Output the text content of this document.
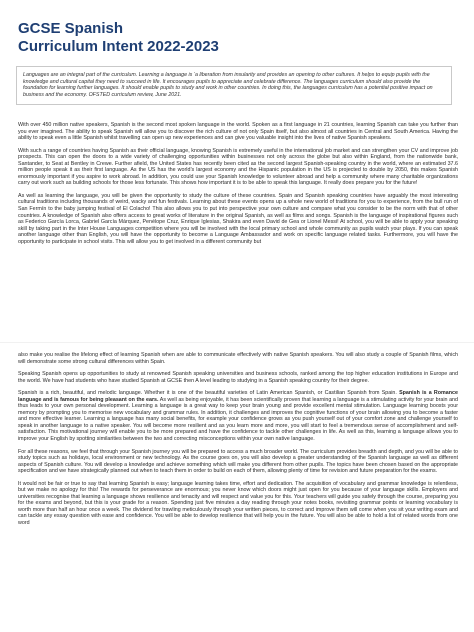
GCSE Spanish
Curriculum Intent 2022-2023
Languages are an integral part of the curriculum. Learning a language is ‘a liberation from insularity and provides an opening to other cultures. It helps to equip pupils with the knowledge and cultural capital they need to succeed in life. It encourages pupils to appreciate and celebrate difference. The languages curriculum should also provide the foundation for learning further languages. It should enable pupils to study and work in other countries. In doing this, the languages curriculum has a potential positive impact on business and the economy. OFSTED curriculum review, June 2021.

With over 450 million native speakers, Spanish is the second most spoken language in the world. Spoken as a first language in 21 countries, learning Spanish can take you further than you ever imagined. The ability to speak Spanish will allow you to discover the rich culture of not only Spain itself, but also almost all countries in Central and South America. Having the ability to speak even a little Spanish whilst travelling can open up new experiences and can give you valuable insight into the lives of native Spanish speakers.

With such a range of countries having Spanish as their official language, knowing Spanish is extremely useful in the international job market and can strengthen your CV and improve job prospects. This can open the doors to a wide variety of challenging opportunities within businesses not only across the globe but also within England, from the nationwide bank, Santander, to Seat at Bentley in Crewe. Further afield, the United States has recently been cited as the second largest Spanish-speaking country in the world, where an estimated 37.6 million people speak it as their first language. As the US has the world’s largest economy and the Hispanic population in the US is projected to double by 2050, this makes Spanish enormously important if you aspire to work abroad. In addition, you could use your Spanish knowledge to volunteer abroad and help a community where many charitable organizations carry out work such as building schools for those less fortunate. This shows how important it is to be able to speak this language. It really does prepare you for the future!

As well as learning the language, you will be given the opportunity to study the culture of these countries. Spain and Spanish speaking countries have arguably the most interesting cultural traditions including thousands of weird, wacky and fun festivals. Learning about these events opens up a whole new world of traditions for you to experience, from the bull run of San Fermín to the baby jumping festival of El Colacho! This also allows you to put into perspective your own culture and compare what you consider to be the norm with that of other countries. A knowledge of Spanish also offers access to great works of literature in the original Spanish, as well as films and songs. Spanish is the language of inspirational figures such as Federico García Lorca, Gabriel García Márquez, Penélope Cruz, Enrique Iglesias, Shakira and even David de Gea or Lionel Messi! At school, you will be able to apply your speaking skill by taking part in the Inter House Languages competition where you will be involved with the local primary school and whole community as pupils watch your plays. If you can speak another language other than English, you will have the opportunity to become a Language Ambassador and work on specific language related tasks. Furthermore, you will have the opportunity to participate in school visits. This will allow you to get involved in a different community but

also make you realise the lifelong effect of learning Spanish when are able to communicate effectively with native Spanish speakers. You will also study a couple of Spanish films, which will demonstrate some strong cultural differences within Spain.

Speaking Spanish opens up opportunities to study at renowned Spanish speaking universities and business schools, ranked among the top higher education institutions in Europe and the world. We have had students who have studied Spanish at GCSE then A level leading to studying in a Spanish speaking country for their degree.

Spanish is a rich, beautiful, and melodic language. Whether it is one of the beautiful varieties of Latin American Spanish, or Castilian Spanish from Spain. Spanish is a Romance language and is famous for being pleasant on the ears. As well as being enjoyable, it has been scientifically proven that learning a language is a stimulating activity for your brain and thus leads to your own personal development. Learning a language is a great way to keep your brain young and provide excellent mental stimulation. Language learning boosts your memory by prompting you to memorise new vocabulary and grammar rules. In addition, it challenges and improves the cognitive functions of your brain allowing you to become a faster and more effective learner. Learning a language has many social benefits, for example your confidence grows as you push yourself out of your comfort zone and challenge yourself to speak in another language to a native speaker. You will become more resilient and as you learn more and more, you will start to feel a tremendous sense of accomplishment and self-satisfaction. This motivational journey will enable you to be more prepared and have the confidence to tackle other challenges in life. As well as this, learning a language allows you to improve your English by spotting similarities between the two and correcting misconceptions within your own native language.

For all these reasons, we feel that through your Spanish journey you will be prepared to access a much broader world. The curriculum provides breadth and depth, and you will be able to study topics such as holidays, local environment or new technology. As the course goes on, you will also develop a greater understanding of the Spanish language as well as different aspects of Spanish culture. You will develop a knowledge and achieve something which will make you different from other pupils. The topics have been chosen based on the appropriate specification and we have strategically planned out when to teach them in order to build on each of them, allowing plenty of time for revision and future preparation for the exams.

It would not be fair or true to say that learning Spanish is easy; language learning takes time, effort and dedication. The acquisition of vocabulary and grammar knowledge is relentless, but we make no apology for this! The rewards for perseverance are enormous; you never know which doors might just open for you because of your language skills. Employers and universities recognise that learning a language shows resilience and tenacity and will respect and value you for this. Your teachers will guide you safely through the course, preparing you for the exams and beyond, but this is your grade for a reason. Spending just five minutes a day reading through your notes books, revisiting grammar points or learning vocabulary is worth more than half an hour once a week. The dividend for trawling meticulously through your written pieces, to correct and improve them will come when you sit your writing exam and can tackle any essay question with ease and confidence. You will be able to develop resilience that will help you in the future. You will also be able to hold a list of related words from one word
